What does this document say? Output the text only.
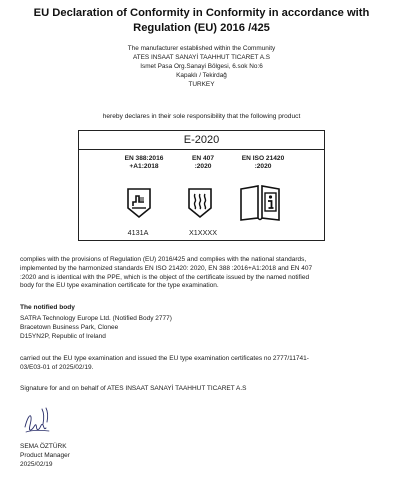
EU Declaration of Conformity in Conformity in accordance with Regulation (EU) 2016 /425
The manufacturer established within the Community
ATES INSAAT SANAYİ TAAHHUT TICARET A.S
Ismet Pasa Org.Sanayi Bölgesi, 6.sok No:6
Kapaklı / Tekirdağ
TURKEY
hereby declares in their sole responsibility that the following product
E-2020
EN 388:2016
+A1:2018
EN 407
:2020
EN ISO 21420
:2020
4131A	X1XXXX
complies with the provisions of Regulation (EU) 2016/425 and complies with the national standards,
implemented by the harmonized standards EN ISO 21420: 2020, EN 388 :2016+A1:2018 and EN 407
:2020 and is identical with the PPE, which is the object of the certificate issued by the named notified
body for the EU type examination certificate for the type examination.
The notified body
SATRA Technology Europe Ltd. (Notified Body 2777)
Bracetown Business Park, Clonee
D15YN2P, Republic of Ireland
carried out the EU type examination and issued the EU type examination certificates no 2777/11741-
03/E03-01 of 2025/02/19.
Signature for and on behalf of ATES INSAAT SANAYİ TAAHHUT TICARET A.S
SEMA ÖZTÜRK
Product Manager
2025/02/19
